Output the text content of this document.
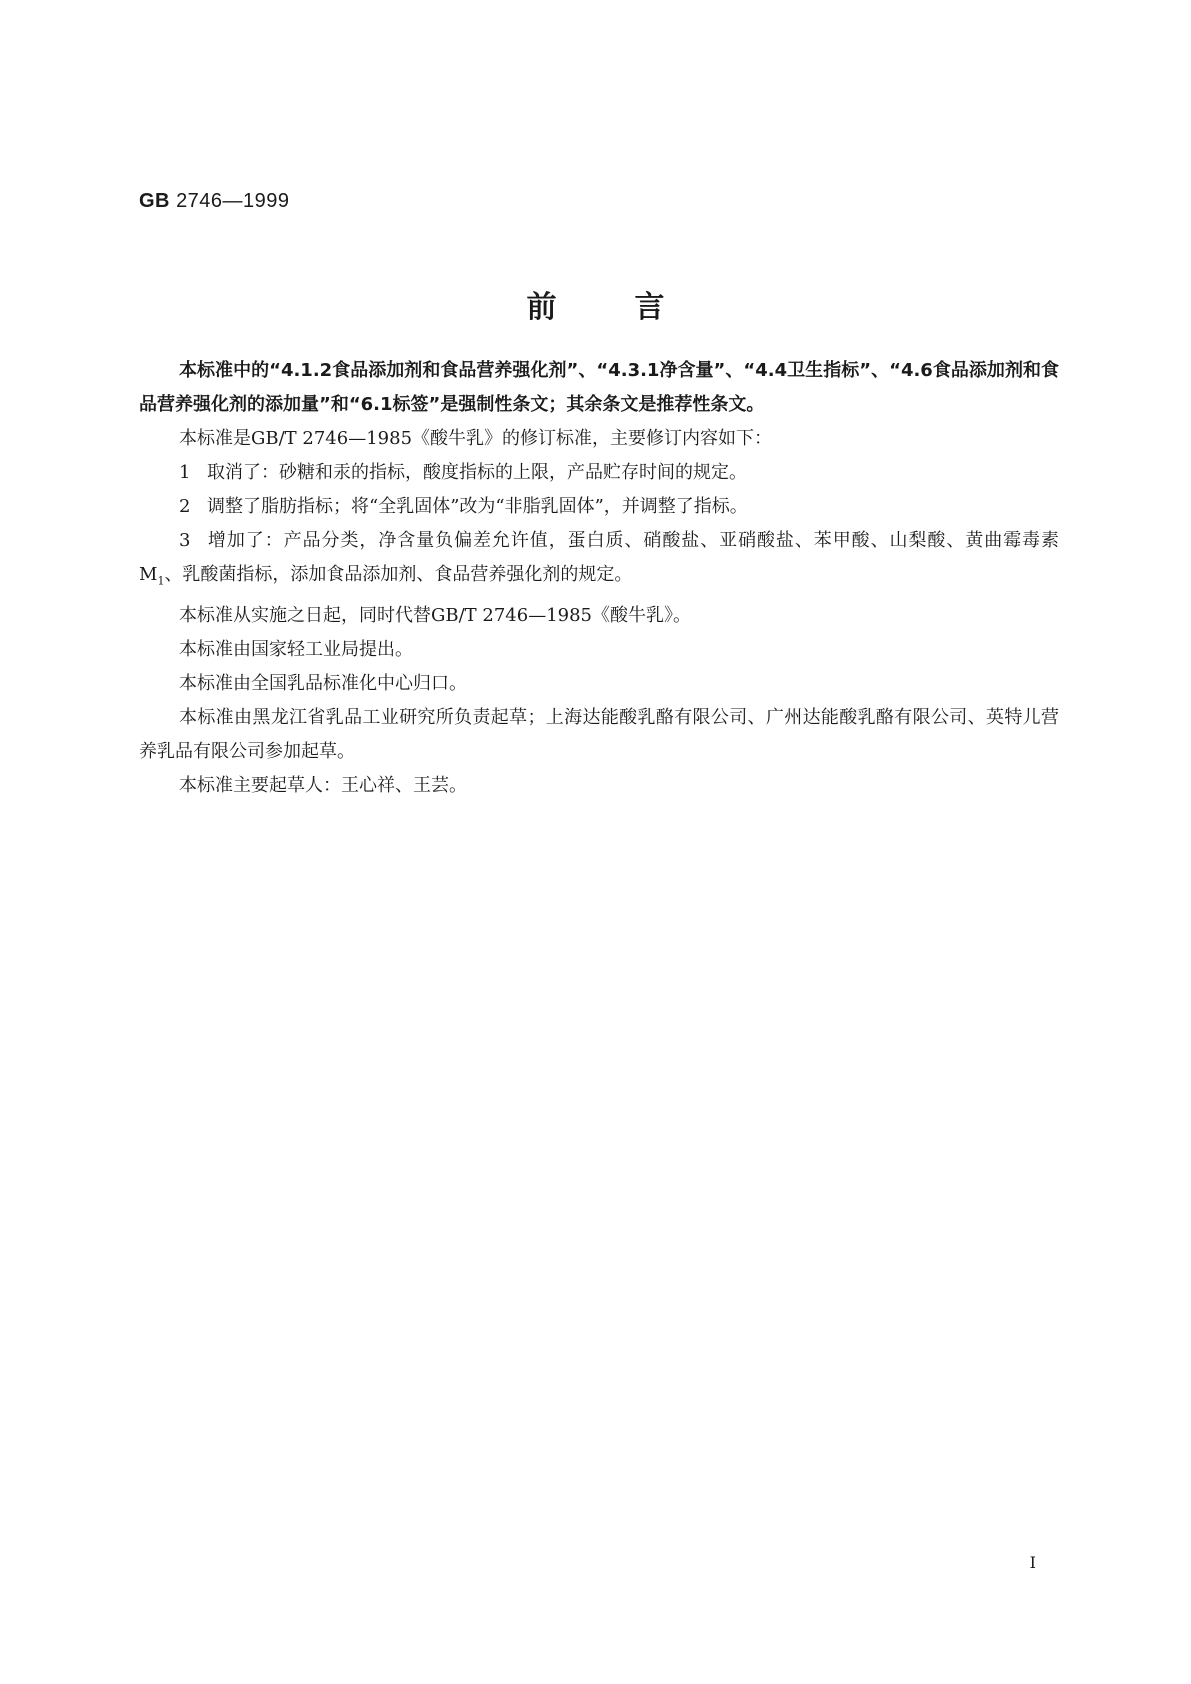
GB 2746—1999
前言

本标准中的“4.1.2食品添加剂和食品营养强化剂”、“4.3.1净含量”、“4.4卫生指标”、“4.6食品添加剂和食品营养强化剂的添加量”和“6.1标签”是强制性条文；其余条文是推荐性条文。

本标准是GB/T 2746—1985《酸牛乳》的修订标准，主要修订内容如下：

1 取消了：砂糖和汞的指标，酸度指标的上限，产品贮存时间的规定。

2 调整了脂肪指标；将“全乳固体”改为“非脂乳固体”，并调整了指标。

3 增加了：产品分类，净含量负偏差允许值，蛋白质、硝酸盐、亚硝酸盐、苯甲酸、山梨酸、黄曲霉毒素$M_1$、乳酸菌指标，添加食品添加剂、食品营养强化剂的规定。

本标准从实施之日起，同时代替GB/T 2746—1985《酸牛乳》。

本标准由国家轻工业局提出。

本标准由全国乳品标准化中心归口。

本标准由黑龙江省乳品工业研究所负责起草；上海达能酸乳酪有限公司、广州达能酸乳酪有限公司、英特儿营养乳品有限公司参加起草。

本标准主要起草人：王心祥、王芸。

I
